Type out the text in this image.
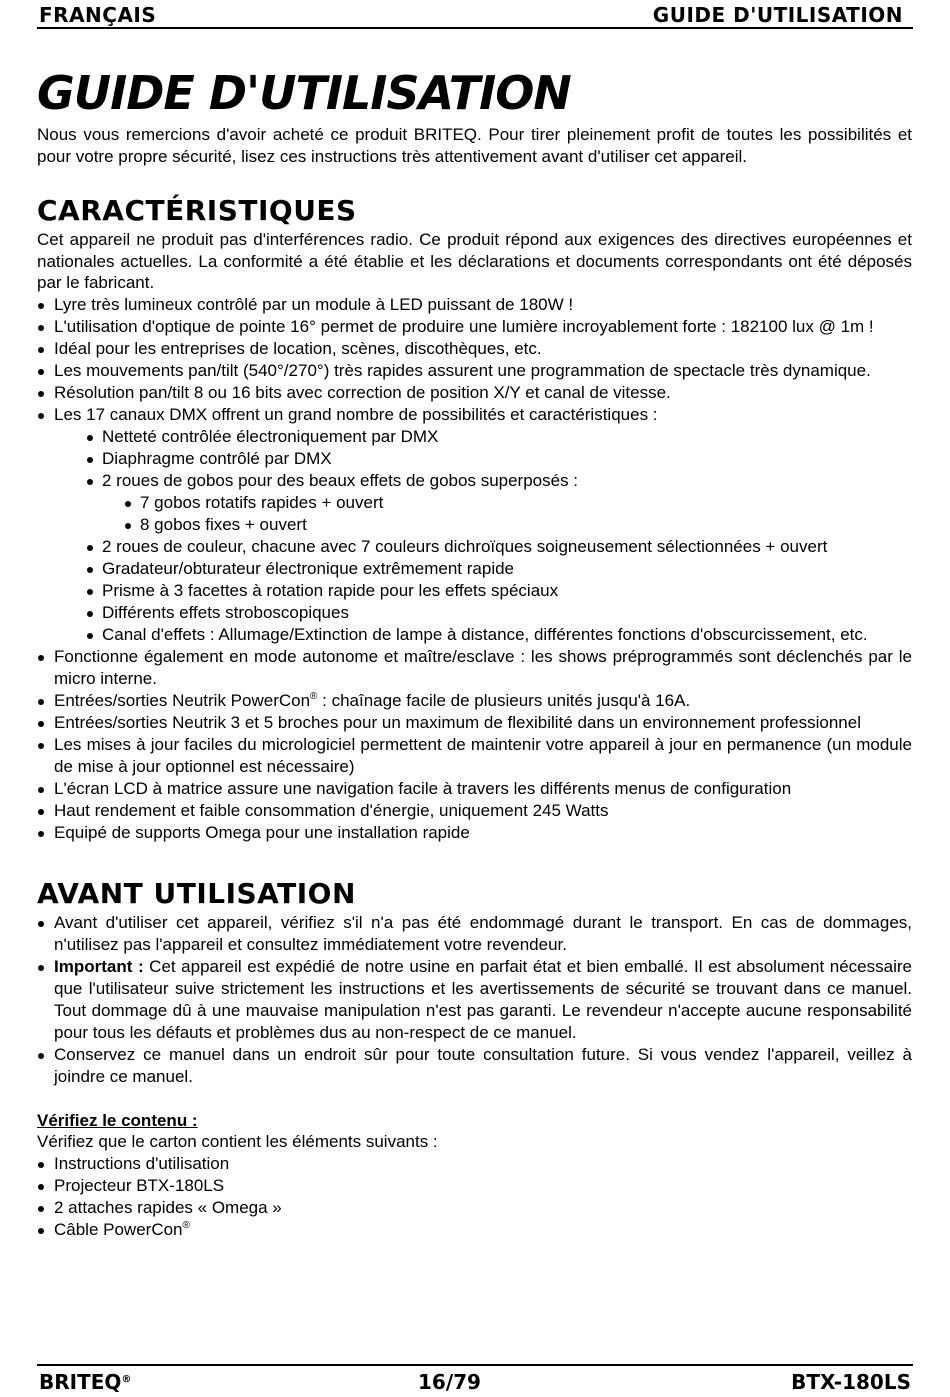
FRANÇAIS	GUIDE D'UTILISATION
GUIDE D'UTILISATION

Nous vous remercions d'avoir acheté ce produit BRITEQ. Pour tirer pleinement profit de toutes les possibilités et pour votre propre sécurité, lisez ces instructions très attentivement avant d'utiliser cet appareil.

CARACTÉRISTIQUES

Cet appareil ne produit pas d'interférences radio. Ce produit répond aux exigences des directives européennes et nationales actuelles. La conformité a été établie et les déclarations et documents correspondants ont été déposés par le fabricant.

Lyre très lumineux contrôlé par un module à LED puissant de 180W !
L'utilisation d'optique de pointe 16° permet de produire une lumière incroyablement forte : 182100 lux @ 1m !
Idéal pour les entreprises de location, scènes, discothèques, etc.
Les mouvements pan/tilt (540°/270°) très rapides assurent une programmation de spectacle très dynamique.
Résolution pan/tilt 8 ou 16 bits avec correction de position X/Y et canal de vitesse.
Les 17 canaux DMX offrent un grand nombre de possibilités et caractéristiques :
Netteté contrôlée électroniquement par DMX
Diaphragme contrôlé par DMX
2 roues de gobos pour des beaux effets de gobos superposés :
7 gobos rotatifs rapides + ouvert
8 gobos fixes + ouvert
2 roues de couleur, chacune avec 7 couleurs dichroïques soigneusement sélectionnées + ouvert
Gradateur/obturateur électronique extrêmement rapide
Prisme à 3 facettes à rotation rapide pour les effets spéciaux
Différents effets stroboscopiques
Canal d'effets : Allumage/Extinction de lampe à distance, différentes fonctions d'obscurcissement, etc.
Fonctionne également en mode autonome et maître/esclave : les shows préprogrammés sont déclenchés par le micro interne.
Entrées/sorties Neutrik PowerCon® : chaînage facile de plusieurs unités jusqu'à 16A.
Entrées/sorties Neutrik 3 et 5 broches pour un maximum de flexibilité dans un environnement professionnel
Les mises à jour faciles du micrologiciel permettent de maintenir votre appareil à jour en permanence (un module de mise à jour optionnel est nécessaire)
L'écran LCD à matrice assure une navigation facile à travers les différents menus de configuration
Haut rendement et faible consommation d'énergie, uniquement 245 Watts
Equipé de supports Omega pour une installation rapide
AVANT UTILISATION
Avant d'utiliser cet appareil, vérifiez s'il n'a pas été endommagé durant le transport. En cas de dommages, n'utilisez pas l'appareil et consultez immédiatement votre revendeur.
Important : Cet appareil est expédié de notre usine en parfait état et bien emballé. Il est absolument nécessaire que l'utilisateur suive strictement les instructions et les avertissements de sécurité se trouvant dans ce manuel. Tout dommage dû à une mauvaise manipulation n'est pas garanti. Le revendeur n'accepte aucune responsabilité pour tous les défauts et problèmes dus au non-respect de ce manuel.
Conservez ce manuel dans un endroit sûr pour toute consultation future. Si vous vendez l'appareil, veillez à joindre ce manuel.

Vérifiez le contenu :

Vérifiez que le carton contient les éléments suivants :

Instructions d'utilisation
Projecteur BTX-180LS
2 attaches rapides « Omega »
Câble PowerCon®
BRITEQ®	16/79	BTX-180LS
